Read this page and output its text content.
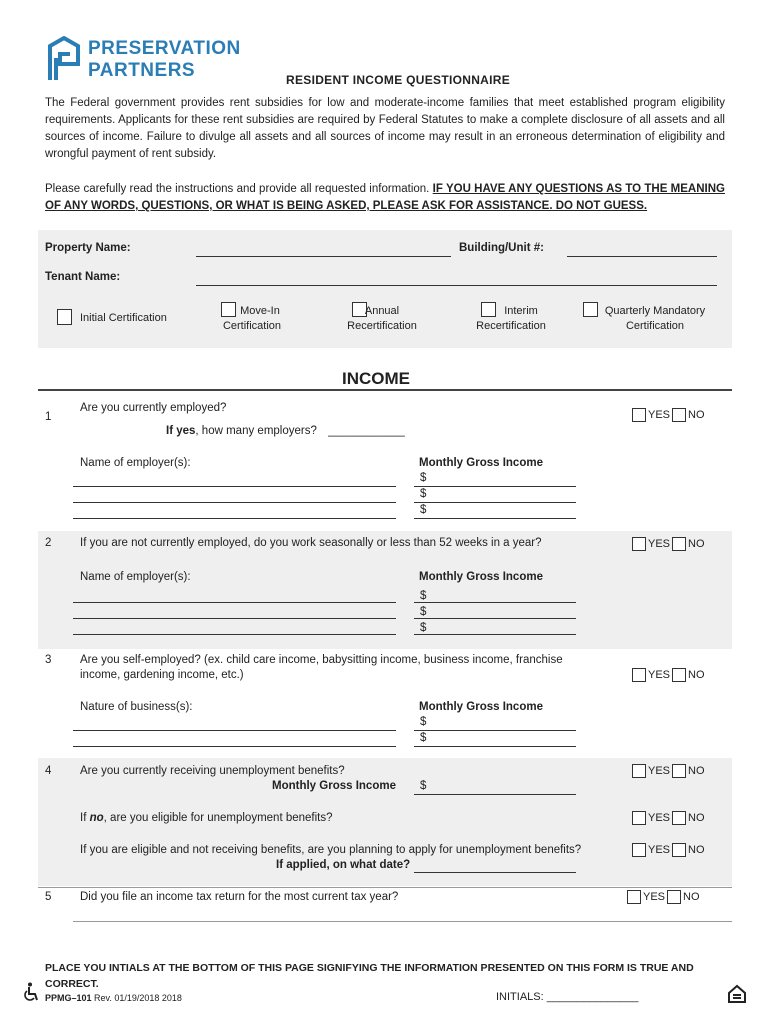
PRESERVATION
PARTNERS	RESIDENT INCOME QUESTIONNAIRE
The Federal government provides rent subsidies for low and moderate-income families that meet established program eligibility requirements. Applicants for these rent subsidies are required by Federal Statutes to make a complete disclosure of all assets and all sources of income. Failure to divulge all assets and all sources of income may result in an erroneous determination of eligibility and wrongful payment of rent subsidy.
Please carefully read the instructions and provide all requested information. IF YOU HAVE ANY QUESTIONS AS TO THE MEANING OF ANY WORDS, QUESTIONS, OR WHAT IS BEING ASKED, PLEASE ASK FOR ASSISTANCE. DO NOT GUESS.
Property Name:	Building/Unit #:
Tenant Name:
Initial Certification
Move-In
Certification
Annual
Recertification
Interim
Recertification
Quarterly Mandatory
Certification
INCOME
1
Are you currently employed?
YES NO
If yes, how many employers? ____________
Name of employer(s):	Monthly Gross Income
$
$
$
2 If you are not currently employed, do you work seasonally or less than 52 weeks in a year?	YES NO
Name of employer(s):	Monthly Gross Income
$
$
$
3 Are you self-employed? (ex. child care income, babysitting income, business income, franchise
income, gardening income, etc.)	YES NO
Nature of business(s):	Monthly Gross Income
$
$
4 Are you currently receiving unemployment benefits?	YES NO
Monthly Gross Income $
If no, are you eligible for unemployment benefits?	YES NO
If you are eligible and not receiving benefits, are you planning to apply for unemployment benefits?	YES NO
If applied, on what date?
5 Did you file an income tax return for the most current tax year?	YES NO
PLACE YOU INTIALS AT THE BOTTOM OF THIS PAGE SIGNIFYING THE INFORMATION PRESENTED ON THIS FORM IS TRUE AND CORRECT.
PPMG–101 Rev. 01/19/2018 2018	INITIALS: _______________
